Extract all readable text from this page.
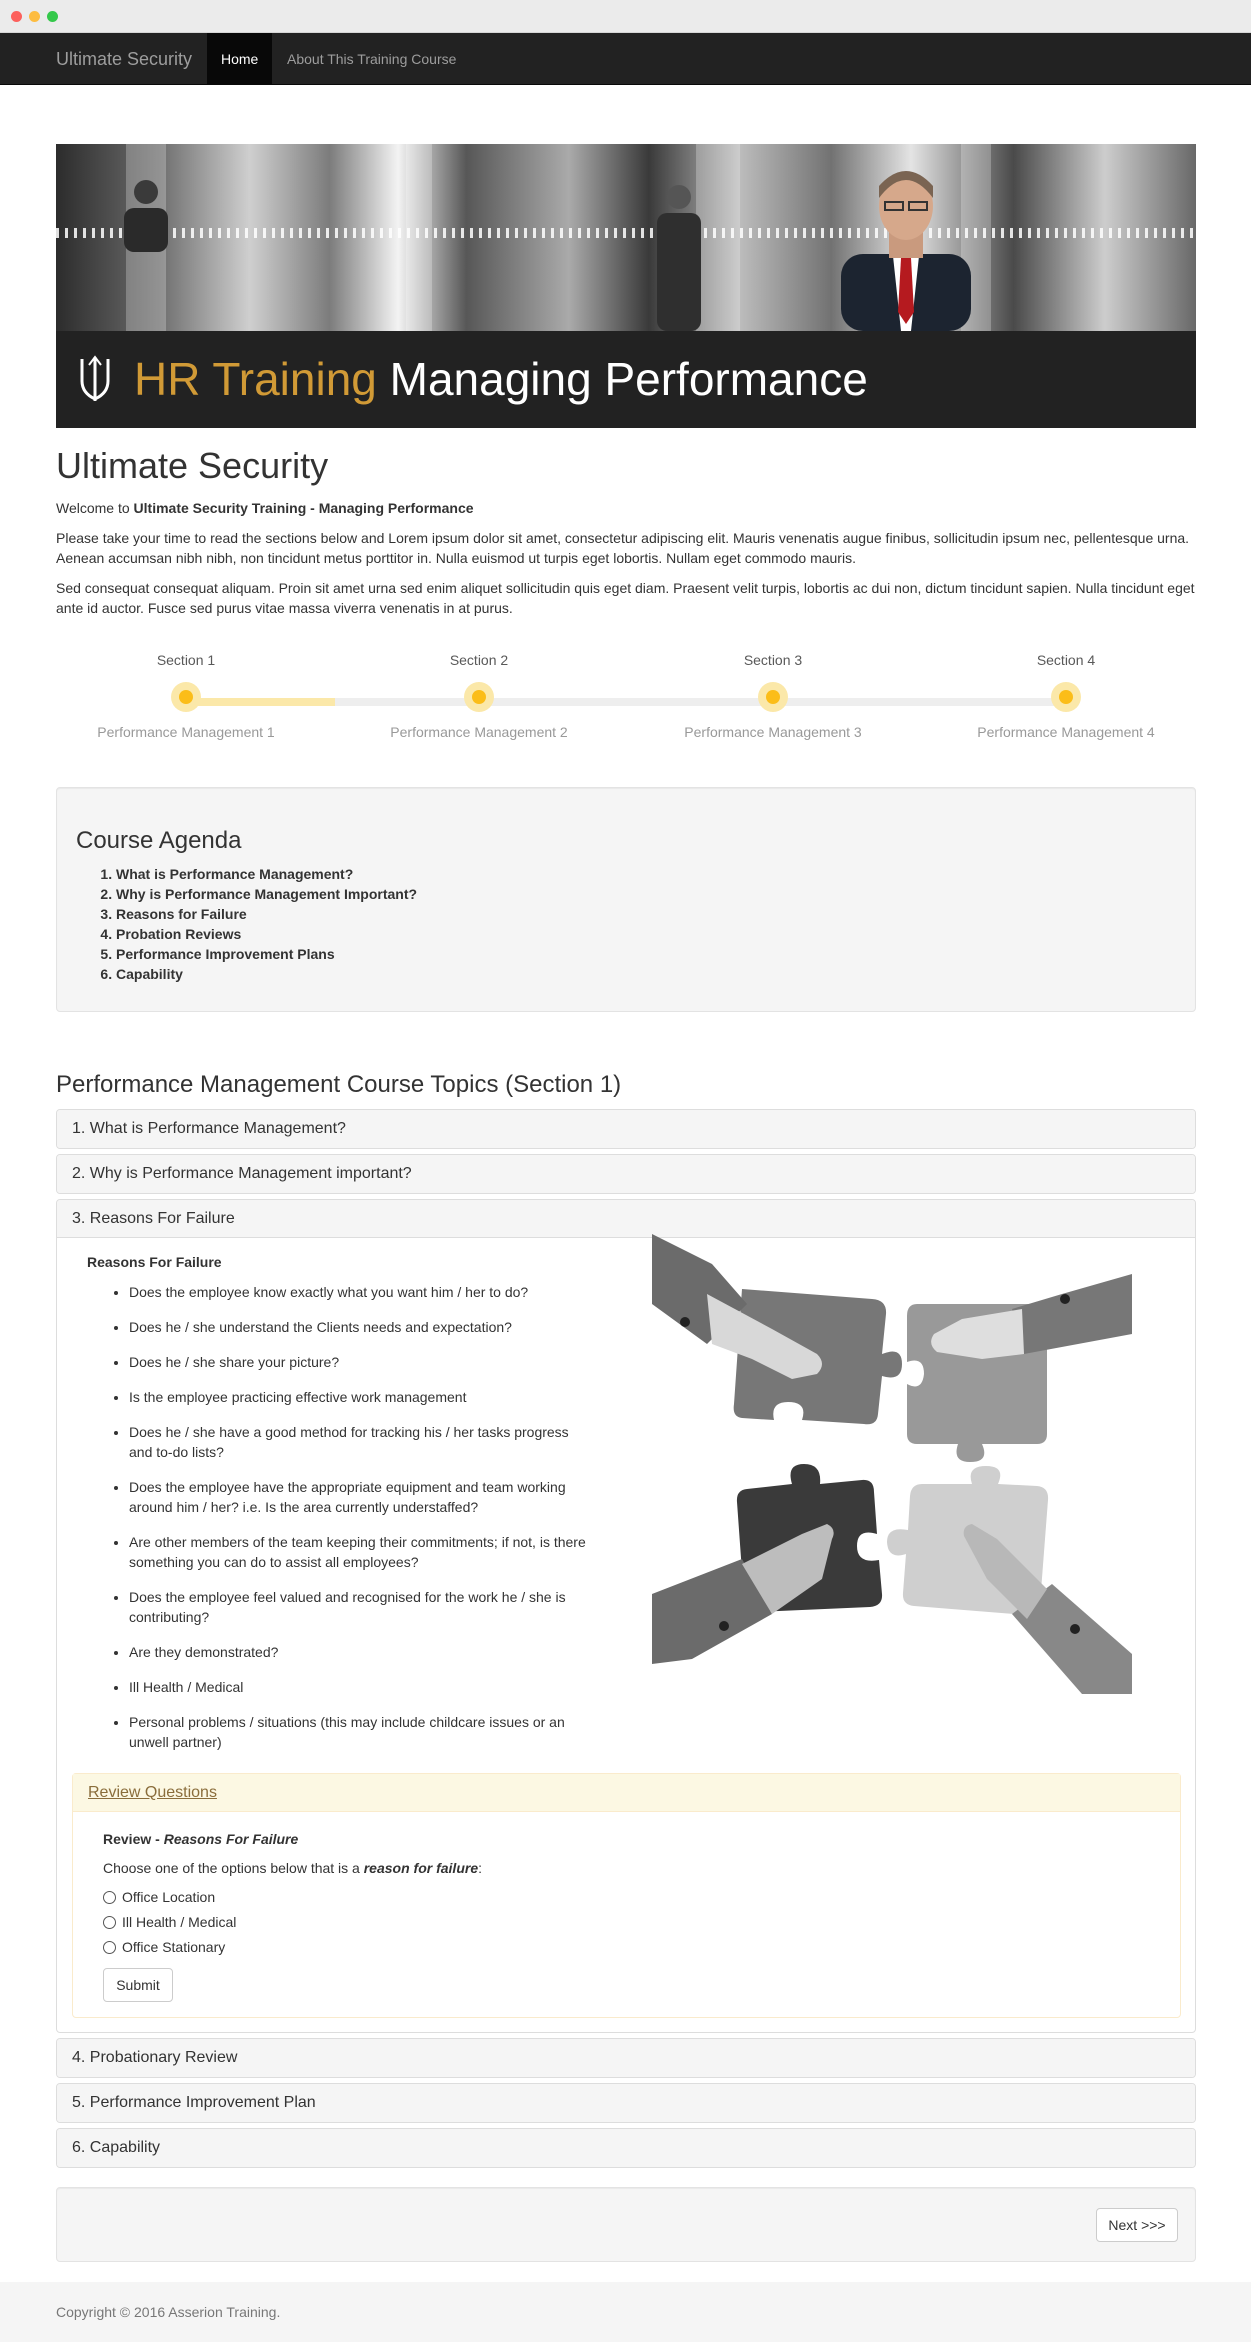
Ultimate Security	Home	About This Training Course
HR Training Managing Performance
Ultimate Security

Welcome to Ultimate Security Training - Managing Performance

Please take your time to read the sections below and Lorem ipsum dolor sit amet, consectetur adipiscing elit. Mauris venenatis augue finibus, sollicitudin ipsum nec, pellentesque urna. Aenean accumsan nibh nibh, non tincidunt metus porttitor in. Nulla euismod ut turpis eget lobortis. Nullam eget commodo mauris.

Sed consequat consequat aliquam. Proin sit amet urna sed enim aliquet sollicitudin quis eget diam. Praesent velit turpis, lobortis ac dui non, dictum tincidunt sapien. Nulla tincidunt eget ante id auctor. Fusce sed purus vitae massa viverra venenatis in at purus.

Section 1
Performance Management 1
Section 2
Performance Management 2
Section 3
Performance Management 3
Section 4
Performance Management 4
Course Agenda
1. What is Performance Management?
2. Why is Performance Management Important?
3. Reasons for Failure
4. Probation Reviews
5. Performance Improvement Plans
6. Capability
Performance Management Course Topics (Section 1)
1. What is Performance Management?
2. Why is Performance Management important?
3. Reasons For Failure
Reasons For Failure
• Does the employee know exactly what you want him / her to do?
• Does he / she understand the Clients needs and expectation?
• Does he / she share your picture?
• Is the employee practicing effective work management
• Does he / she have a good method for tracking his / her tasks progress and to-do lists?
• Does the employee have the appropriate equipment and team working around him / her? i.e. Is the area currently understaffed?
• Are other members of the team keeping their commitments; if not, is there something you can do to assist all employees?
• Does the employee feel valued and recognised for the work he / she is contributing?
• Are they demonstrated?
• Ill Health / Medical
• Personal problems / situations (this may include childcare issues or an unwell partner)
Review Questions
Review - Reasons For Failure
Choose one of the options below that is a reason for failure:
Office Location
Ill Health / Medical
Office Stationary
Submit
4. Probationary Review
5. Performance Improvement Plan
6. Capability
Next >>>

Copyright © 2016 Asserion Training.
